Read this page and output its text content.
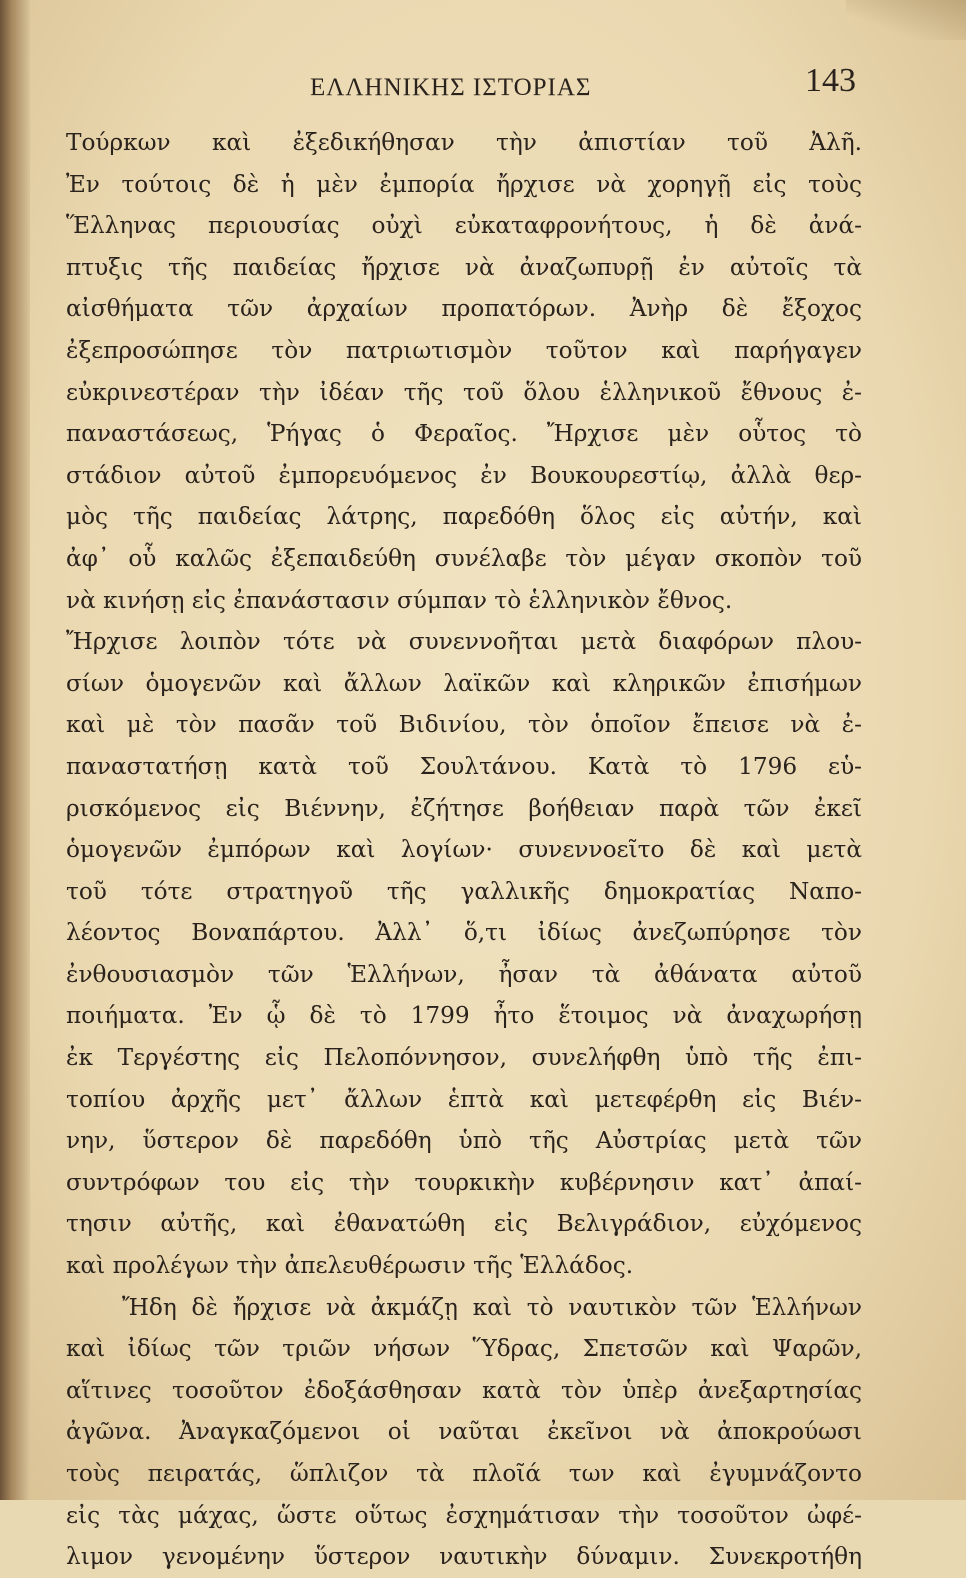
ΕΛΛΗΝΙΚΗΣ ΙΣΤΟΡΙΑΣ	143
Τούρκων καὶ ἐξεδικήθησαν τὴν ἀπιστίαν τοῦ Ἀλῆ.
Ἐν τούτοις δὲ ἡ μὲν ἐμπορία ἤρχισε νὰ χορηγῇ εἰς τοὺς
Ἕλληνας περιουσίας οὐχὶ εὐκαταφρονήτους, ἡ δὲ ἀνά-
πτυξις τῆς παιδείας ἤρχισε νὰ ἀναζωπυρῇ ἐν αὐτοῖς τὰ
αἰσθήματα τῶν ἀρχαίων προπατόρων. Ἀνὴρ δὲ ἔξοχος
ἐξεπροσώπησε τὸν πατριωτισμὸν τοῦτον καὶ παρήγαγεν
εὐκρινεστέραν τὴν ἰδέαν τῆς τοῦ ὅλου ἑλληνικοῦ ἔθνους ἐ-
παναστάσεως, Ῥήγας ὁ Φεραῖος. Ἤρχισε μὲν οὗτος τὸ
στάδιον αὐτοῦ ἐμπορευόμενος ἐν Βουκουρεστίῳ, ἀλλὰ θερ-
μὸς τῆς παιδείας λάτρης, παρεδόθη ὅλος εἰς αὐτήν, καὶ
ἀφ᾽ οὗ καλῶς ἐξεπαιδεύθη συνέλαβε τὸν μέγαν σκοπὸν τοῦ
νὰ κινήσῃ εἰς ἐπανάστασιν σύμπαν τὸ ἑλληνικὸν ἔθνος.
Ἤρχισε λοιπὸν τότε νὰ συνεννοῆται μετὰ διαφόρων πλου-
σίων ὁμογενῶν καὶ ἄλλων λαϊκῶν καὶ κληρικῶν ἐπισήμων
καὶ μὲ τὸν πασᾶν τοῦ Βιδινίου, τὸν ὁποῖον ἔπεισε νὰ ἐ-
παναστατήσῃ κατὰ τοῦ Σουλτάνου. Κατὰ τὸ 1796 εὑ-
ρισκόμενος εἰς Βιέννην, ἐζήτησε βοήθειαν παρὰ τῶν ἐκεῖ
ὁμογενῶν ἐμπόρων καὶ λογίων· συνεννοεῖτο δὲ καὶ μετὰ
τοῦ τότε στρατηγοῦ τῆς γαλλικῆς δημοκρατίας Ναπο-
λέοντος Βοναπάρτου. Ἀλλ᾽ ὅ,τι ἰδίως ἀνεζωπύρησε τὸν
ἐνθουσιασμὸν τῶν Ἑλλήνων, ἦσαν τὰ ἀθάνατα αὐτοῦ
ποιήματα. Ἐν ᾧ δὲ τὸ 1799 ἦτο ἕτοιμος νὰ ἀναχωρήσῃ
ἐκ Τεργέστης εἰς Πελοπόννησον, συνελήφθη ὑπὸ τῆς ἐπι-
τοπίου ἀρχῆς μετ᾽ ἄλλων ἑπτὰ καὶ μετεφέρθη εἰς Βιέν-
νην, ὕστερον δὲ παρεδόθη ὑπὸ τῆς Αὐστρίας μετὰ τῶν
συντρόφων του εἰς τὴν τουρκικὴν κυβέρνησιν κατ᾽ ἀπαί-
τησιν αὐτῆς, καὶ ἐθανατώθη εἰς Βελιγράδιον, εὐχόμενος
καὶ προλέγων τὴν ἀπελευθέρωσιν τῆς Ἑλλάδος.
Ἤδη δὲ ἤρχισε νὰ ἀκμάζῃ καὶ τὸ ναυτικὸν τῶν Ἑλλήνων
καὶ ἰδίως τῶν τριῶν νήσων Ὕδρας, Σπετσῶν καὶ Ψαρῶν,
αἵτινες τοσοῦτον ἐδοξάσθησαν κατὰ τὸν ὑπὲρ ἀνεξαρτησίας
ἀγῶνα. Ἀναγκαζόμενοι οἱ ναῦται ἐκεῖνοι νὰ ἀποκρούωσι
τοὺς πειρατάς, ὥπλιζον τὰ πλοῖά των καὶ ἐγυμνάζοντο
εἰς τὰς μάχας, ὥστε οὕτως ἐσχημάτισαν τὴν τοσοῦτον ὠφέ-
λιμον γενομένην ὕστερον ναυτικὴν δύναμιν. Συνεκροτήθη
